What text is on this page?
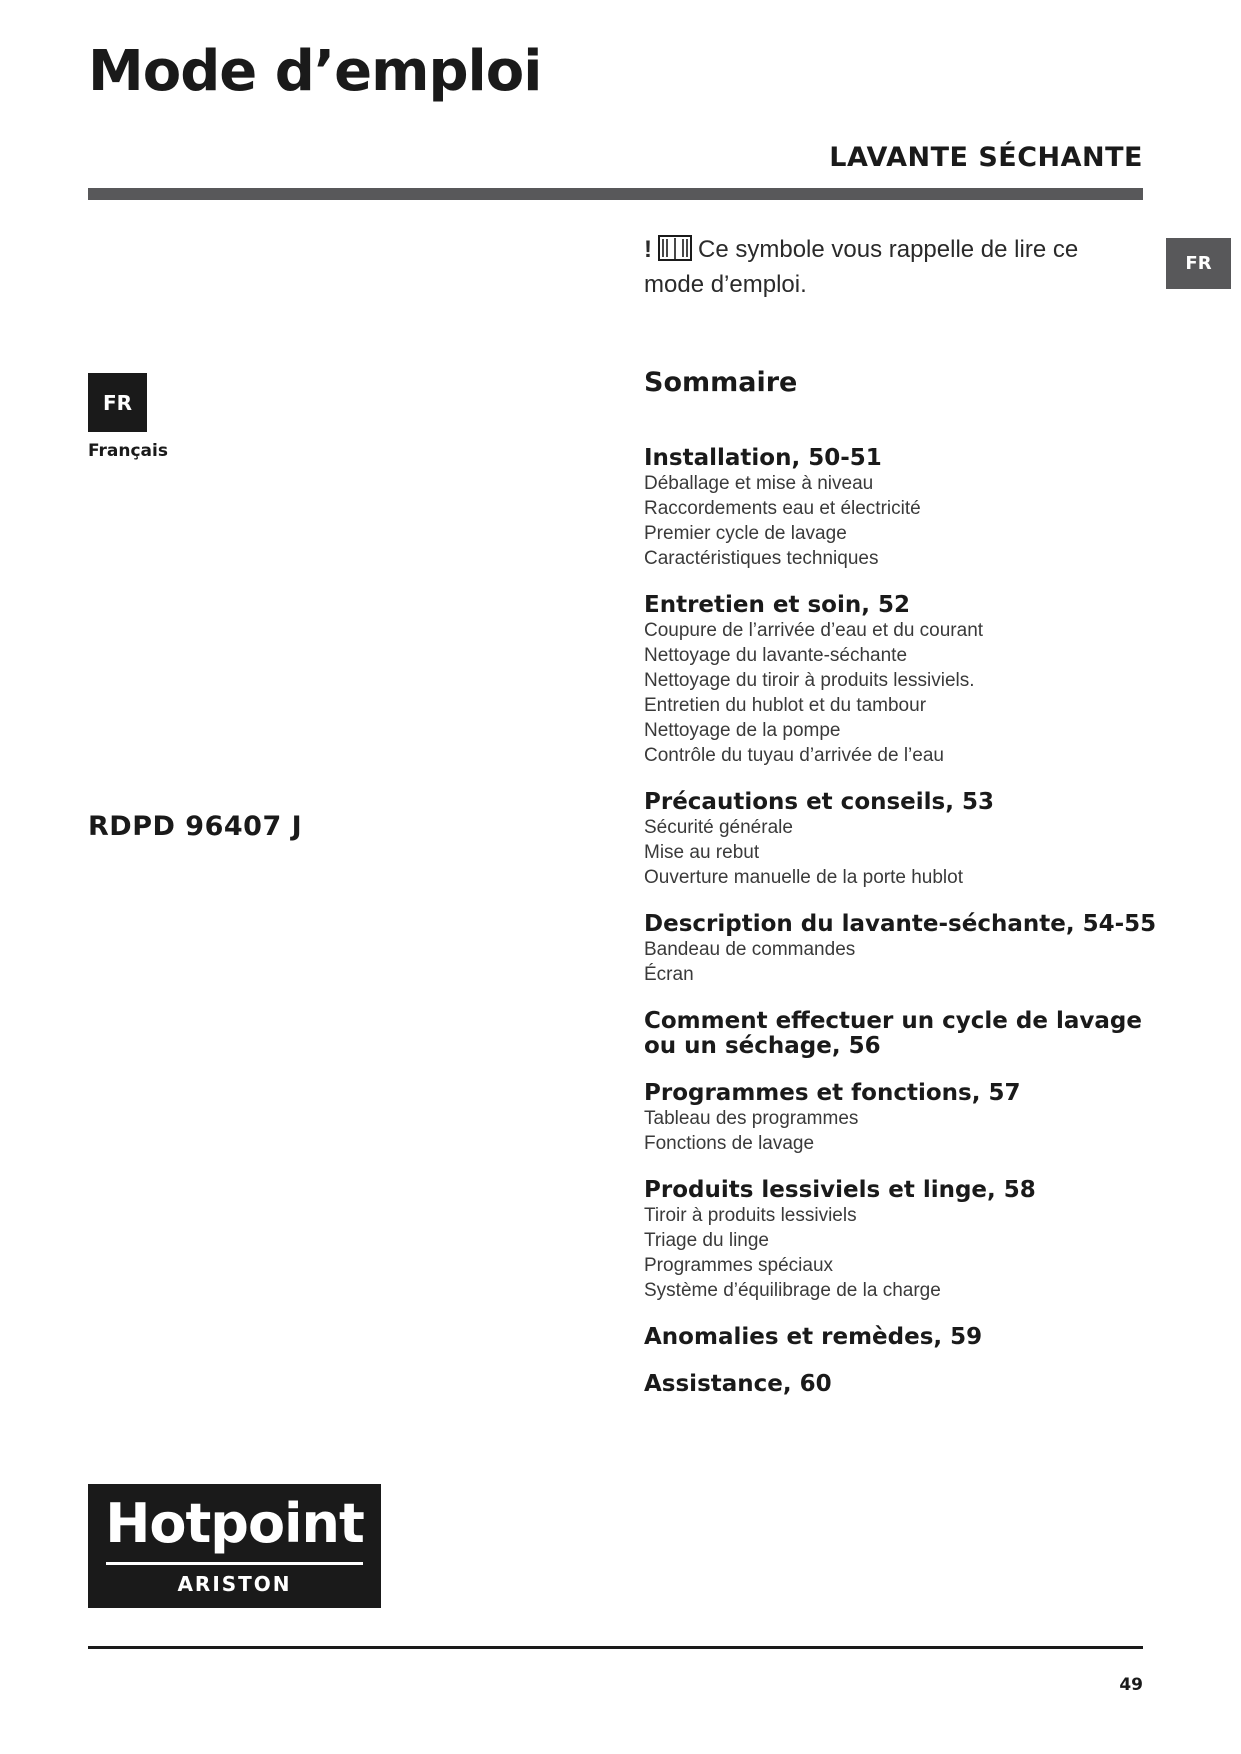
Mode d’emploi
LAVANTE SÉCHANTE
FR
! Ce symbole vous rappelle de lire ce mode d’emploi.
FR
Français
RDPD 96407 J
Sommaire
Installation, 50-51
Déballage et mise à niveau
Raccordements eau et électricité
Premier cycle de lavage
Caractéristiques techniques
Entretien et soin, 52
Coupure de l’arrivée d’eau et du courant
Nettoyage du lavante-séchante
Nettoyage du tiroir à produits lessiviels.
Entretien du hublot et du tambour
Nettoyage de la pompe
Contrôle du tuyau d’arrivée de l’eau
Précautions et conseils, 53
Sécurité générale
Mise au rebut
Ouverture manuelle de la porte hublot
Description du lavante-séchante, 54-55
Bandeau de commandes
Écran
Comment effectuer un cycle de lavage ou un séchage, 56
Programmes et fonctions, 57
Tableau des programmes
Fonctions de lavage
Produits lessiviels et linge, 58
Tiroir à produits lessiviels
Triage du linge
Programmes spéciaux
Système d’équilibrage de la charge
Anomalies et remèdes, 59
Assistance, 60
Hotpoint
ARISTON
49
